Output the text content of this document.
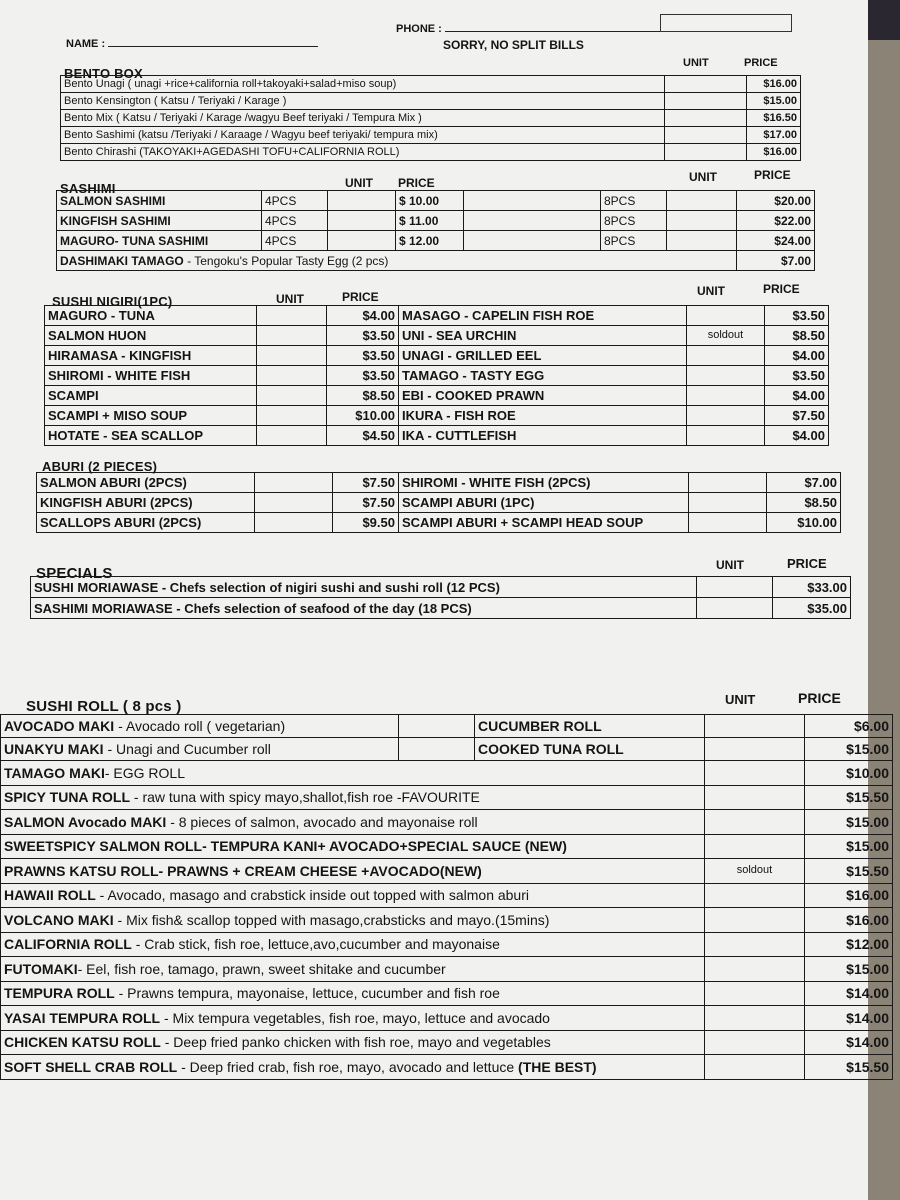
PHONE :
NAME :	SORRY, NO SPLIT BILLS
BENTO BOX
UNIT	PRICE
Bento Unagi ( unagi +rice+california roll+takoyaki+salad+miso soup)		$16.00
Bento Kensington ( Katsu / Teriyaki / Karage )		$15.00
Bento Mix ( Katsu / Teriyaki / Karage /wagyu Beef teriyaki / Tempura Mix )		$16.50
Bento Sashimi (katsu /Teriyaki / Karaage / Wagyu beef teriyaki/ tempura mix)		$17.00
Bento Chirashi (TAKOYAKI+AGEDASHI TOFU+CALIFORNIA ROLL)		$16.00
SASHIMI	UNIT PRICE	UNIT	PRICE
SALMON SASHIMI	4PCS		$ 10.00		8PCS		$20.00
KINGFISH SASHIMI	4PCS		$ 11.00		8PCS		$22.00
MAGURO- TUNA SASHIMI	4PCS		$ 12.00		8PCS		$24.00
DASHIMAKI TAMAGO - Tengoku's Popular Tasty Egg (2 pcs)							$7.00
SUSHI NIGIRI(1PC)	UNIT	PRICE	UNIT	PRICE
MAGURO - TUNA		$4.00	MASAGO - CAPELIN FISH ROE		$3.50
SALMON HUON		$3.50	UNI - SEA URCHIN	soldout	$8.50
HIRAMASA - KINGFISH		$3.50	UNAGI - GRILLED EEL		$4.00
SHIROMI - WHITE FISH		$3.50	TAMAGO - TASTY EGG		$3.50
SCAMPI		$8.50	EBI - COOKED PRAWN		$4.00
SCAMPI + MISO SOUP		$10.00	IKURA - FISH ROE		$7.50
HOTATE - SEA SCALLOP		$4.50	IKA - CUTTLEFISH		$4.00
ABURI (2 PIECES)
SALMON ABURI (2PCS)		$7.50	SHIROMI - WHITE FISH (2PCS)		$7.00
KINGFISH ABURI (2PCS)		$7.50	SCAMPI ABURI (1PC)		$8.50
SCALLOPS ABURI (2PCS)		$9.50	SCAMPI ABURI + SCAMPI HEAD SOUP		$10.00
SPECIALS	UNIT	PRICE
SUSHI MORIAWASE - Chefs selection of nigiri sushi and sushi roll (12 PCS)		$33.00
SASHIMI MORIAWASE - Chefs selection of seafood of the day (18 PCS)		$35.00
SUSHI ROLL ( 8 pcs )	UNIT	PRICE
AVOCADO MAKI - Avocado roll ( vegetarian)		CUCUMBER ROLL		$6.00
UNAKYU MAKI - Unagi and Cucumber roll		COOKED TUNA ROLL		$15.00
TAMAGO MAKI- EGG ROLL				$10.00
SPICY TUNA ROLL - raw tuna with spicy mayo,shallot,fish roe -FAVOURITE				$15.50
SALMON Avocado MAKI - 8 pieces of salmon, avocado and mayonaise roll				$15.00
SWEETSPICY SALMON ROLL- TEMPURA KANI+ AVOCADO+SPECIAL SAUCE (NEW)				$15.00
PRAWNS KATSU ROLL- PRAWNS + CREAM CHEESE +AVOCADO(NEW)			soldout	$15.50
HAWAII ROLL - Avocado, masago and crabstick inside out topped with salmon aburi				$16.00
VOLCANO MAKI - Mix fish& scallop topped with masago,crabsticks and mayo.(15mins)				$16.00
CALIFORNIA ROLL - Crab stick, fish roe, lettuce,avo,cucumber and mayonaise				$12.00
FUTOMAKI- Eel, fish roe, tamago, prawn, sweet shitake and cucumber				$15.00
TEMPURA ROLL - Prawns tempura, mayonaise, lettuce, cucumber and fish roe				$14.00
YASAI TEMPURA ROLL - Mix tempura vegetables, fish roe, mayo, lettuce and avocado				$14.00
CHICKEN KATSU ROLL - Deep fried panko chicken with fish roe, mayo and vegetables				$14.00
SOFT SHELL CRAB ROLL - Deep fried crab, fish roe, mayo, avocado and lettuce (THE BEST)				$15.50
